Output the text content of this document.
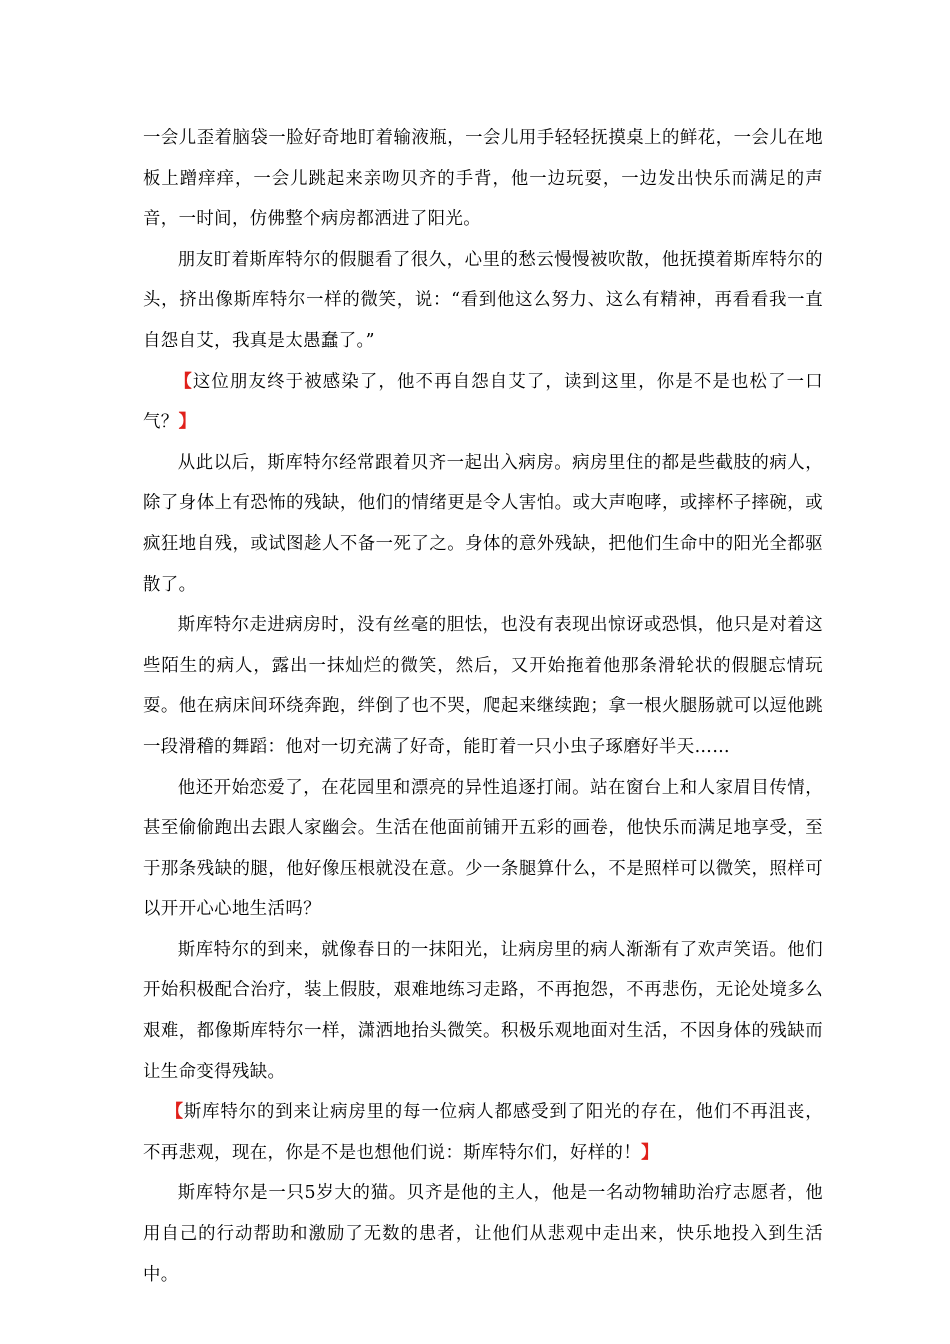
一会儿歪着脑袋一脸好奇地盯着输液瓶，一会儿用手轻轻抚摸桌上的鲜花，一会儿在地板上蹭痒痒，一会儿跳起来亲吻贝齐的手背，他一边玩耍，一边发出快乐而满足的声音，一时间，仿佛整个病房都洒进了阳光。

朋友盯着斯库特尔的假腿看了很久，心里的愁云慢慢被吹散，他抚摸着斯库特尔的头，挤出像斯库特尔一样的微笑，说：“看到他这么努力、这么有精神，再看看我一直自怨自艾，我真是太愚蠢了。”

【这位朋友终于被感染了，他不再自怨自艾了，读到这里，你是不是也松了一口气？】

从此以后，斯库特尔经常跟着贝齐一起出入病房。病房里住的都是些截肢的病人，除了身体上有恐怖的残缺，他们的情绪更是令人害怕。或大声咆哮，或摔杯子摔碗，或疯狂地自残，或试图趁人不备一死了之。身体的意外残缺，把他们生命中的阳光全都驱散了。

斯库特尔走进病房时，没有丝毫的胆怯，也没有表现出惊讶或恐惧，他只是对着这些陌生的病人，露出一抹灿烂的微笑，然后，又开始拖着他那条滑轮状的假腿忘情玩耍。他在病床间环绕奔跑，绊倒了也不哭，爬起来继续跑；拿一根火腿肠就可以逗他跳一段滑稽的舞蹈：他对一切充满了好奇，能盯着一只小虫子琢磨好半天……

他还开始恋爱了，在花园里和漂亮的异性追逐打闹。站在窗台上和人家眉目传情，甚至偷偷跑出去跟人家幽会。生活在他面前铺开五彩的画卷，他快乐而满足地享受，至于那条残缺的腿，他好像压根就没在意。少一条腿算什么，不是照样可以微笑，照样可以开开心心地生活吗？

斯库特尔的到来，就像春日的一抹阳光，让病房里的病人渐渐有了欢声笑语。他们开始积极配合治疗，装上假肢，艰难地练习走路，不再抱怨，不再悲伤，无论处境多么艰难，都像斯库特尔一样，潇洒地抬头微笑。积极乐观地面对生活，不因身体的残缺而让生命变得残缺。

【斯库特尔的到来让病房里的每一位病人都感受到了阳光的存在，他们不再沮丧，不再悲观，现在，你是不是也想他们说：斯库特尔们，好样的！】

斯库特尔是一只5岁大的猫。贝齐是他的主人，他是一名动物辅助治疗志愿者，他用自己的行动帮助和激励了无数的患者，让他们从悲观中走出来，快乐地投入到生活中。
